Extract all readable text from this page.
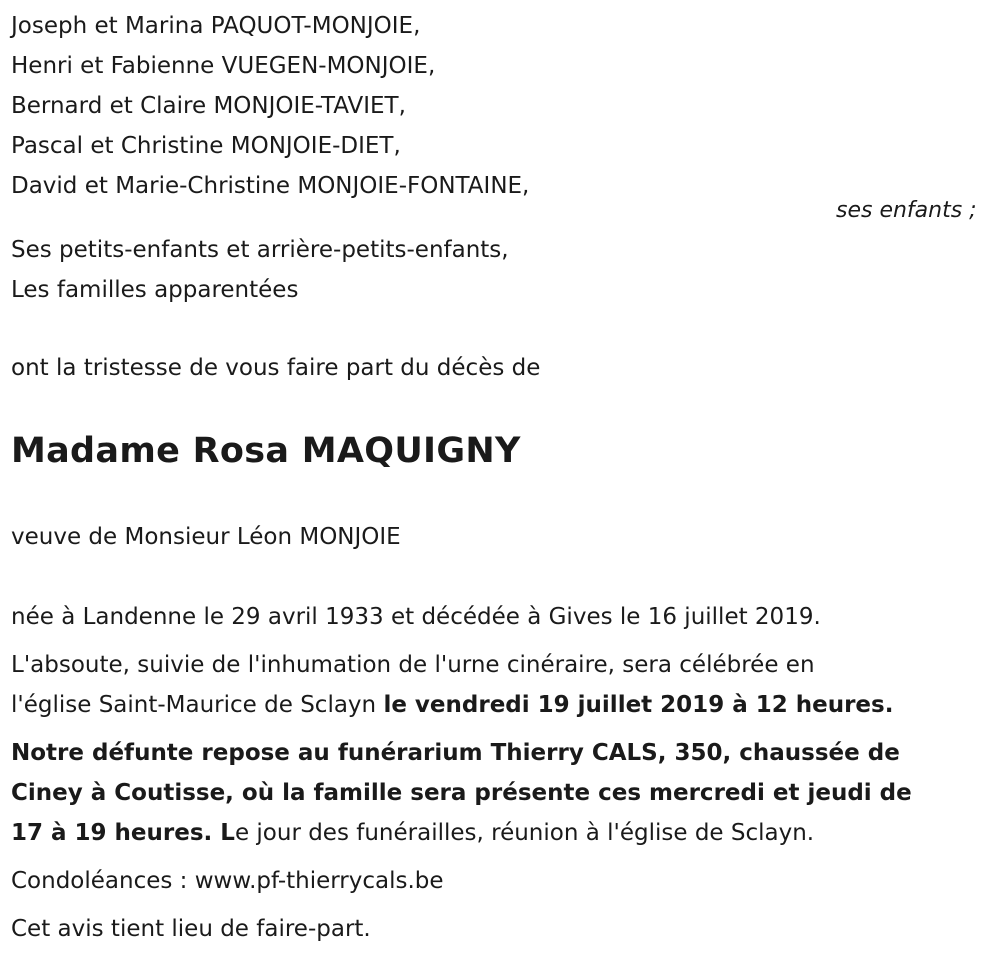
Joseph et Marina PAQUOT-MONJOIE,
Henri et Fabienne VUEGEN-MONJOIE,
Bernard et Claire MONJOIE-TAVIET,
Pascal et Christine MONJOIE-DIET,
David et Marie-Christine MONJOIE-FONTAINE,
Ses petits-enfants et arrière-petits-enfants,
Les familles apparentées
ont la tristesse de vous faire part du décès de
Madame Rosa MAQUIGNY
veuve de Monsieur Léon MONJOIE
née à Landenne le 29 avril 1933 et décédée à Gives le 16 juillet 2019.
L'absoute, suivie de l'inhumation de l'urne cinéraire, sera célébrée en
l'église Saint-Maurice de Sclayn le vendredi 19 juillet 2019 à 12 heures.
Notre défunte repose au funérarium Thierry CALS, 350, chaussée de
Ciney à Coutisse, où la famille sera présente ces mercredi et jeudi de
17 à 19 heures. Le jour des funérailles, réunion à l'église de Sclayn.
Condoléances : www.pf-thierrycals.be
Cet avis tient lieu de faire-part.
ses enfants ;
